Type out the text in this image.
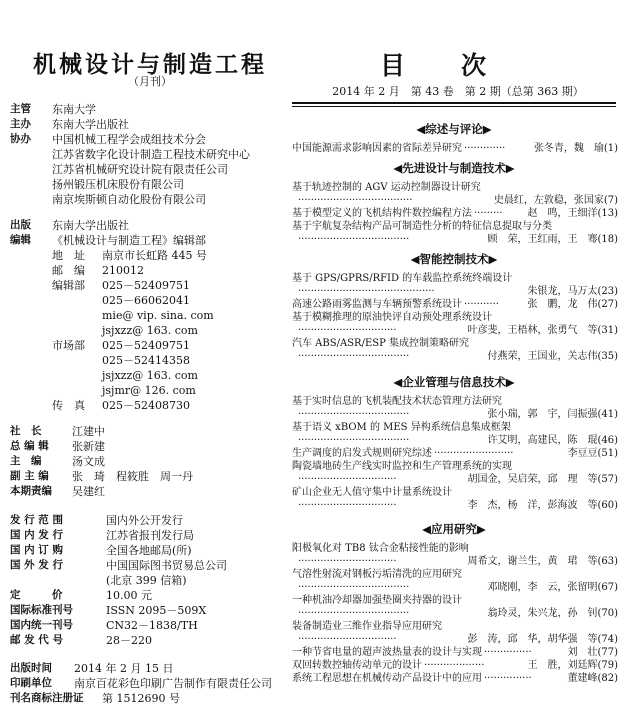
机械设计与制造工程
（月刊）
主管 东南大学
主办 东南大学出版社
协办 中国机械工程学会成组技术分会
江苏省数字化设计制造工程技术研究中心
江苏省机械研究设计院有限责任公司
扬州锻压机床股份有限公司
南京埃斯顿自动化股份有限公司
出版 东南大学出版社
编辑 《机械设计与制造工程》编辑部
地　址 南京市长虹路 445 号
邮　编 210012
编辑部 025－52409751
025－66062041
mie@ vip. sina. com
jsjxzz@ 163. com
市场部 025－52409751
025－52414358
jsjxzz@ 163. com
jsjmr@ 126. com
传　真 025－52408730
社　长	江建中
总 编 辑 张新建
主　编	汤文成
副 主 编 张　琦　程筱胜　周一丹
本期责编 吴建红
发 行 范 围	国内外公开发行
国 内 发 行	江苏省报刊发行局
国 内 订 购	全国各地邮局(所)
国 外 发 行	中国国际图书贸易总公司
(北京 399 信箱)
定　　　价	10.00 元
国际标准刊号	ISSN 2095－509X
国内统一刊号	CN32－1838/TH
邮 发 代 号	28－220
出版时间 2014 年 2 月 15 日
印刷单位 南京百花彩色印刷广告制作有限责任公司
刊名商标注册证 第 1512690 号
目 次
2014 年 2 月　第 43 卷　第 2 期（总第 363 期）
◀综述与评论▶
中国能源需求影响因素的省际差异研究 ·············	张冬青，魏　瑜(1)
◀先进设计与制造技术▶
基于轨迹控制的 AGV 运动控制器设计研究
····································	史晨红，左敦稳，张国家(7)
基于模型定义的飞机结构件数控编程方法 ········· 赵　鸣，王细洋(13)
基于宇航复杂结构产品可制造性分析的特征信息提取与分类
···································	顾　荣，王红雨，王　骞(18)
◀智能控制技术▶
基于 GPS/GPRS/RFID 的车载监控系统终端设计
···········································	朱银龙，马万太(23)
高速公路雨雾监测与车辆预警系统设计 ···········	张　鹏，龙　伟(27)
基于模糊推理的原油快评自动预处理系统设计
·······························	叶彦斐，王梧林，张勇气　等(31)
汽车 ABS/ASR/ESP 集成控制策略研究
···································	付燕荣，王国业，关志伟(35)
◀企业管理与信息技术▶
基于实时信息的飞机装配技术状态管理方法研究
···································	张小瑞，郭　宇，闫振强(41)
基于语义 xBOM 的 MES 异构系统信息集成框架
···································	许艾明，高建民，陈　琨(46)
生产调度的启发式规则研究综述 ·························	李豆豆(51)
陶瓷墙地砖生产线实时监控和生产管理系统的实现
·······························	胡国金，吴启荣，邱　理　等(57)
矿山企业无人值守集中计量系统设计
·······························	李　杰，杨　洋，彭海波　等(60)
◀应用研究▶
阳极氧化对 TB8 钛合金粘接性能的影响
·······························	周希文，谢兰生，黄　珺　等(63)
气溶性射流对钢板污垢清洗的应用研究
···································	邓晓刚，李　云，张留明(67)
一种机油冷却器加强垫圈夹持器的设计
···································	翁玲灵，朱兴龙，孙　钊(70)
装备制造业三维作业指导应用研究
·······························	彭　涛，邱　华，胡华强　等(74)
一种节省电量的超声波热量表的设计与实现 ···············	刘　壮(77)
双回转数控轴传动单元的设计 ···················	王　胜，刘廷辉(79)
系统工程思想在机械传动产品设计中的应用 ···············	董建峰(82)
